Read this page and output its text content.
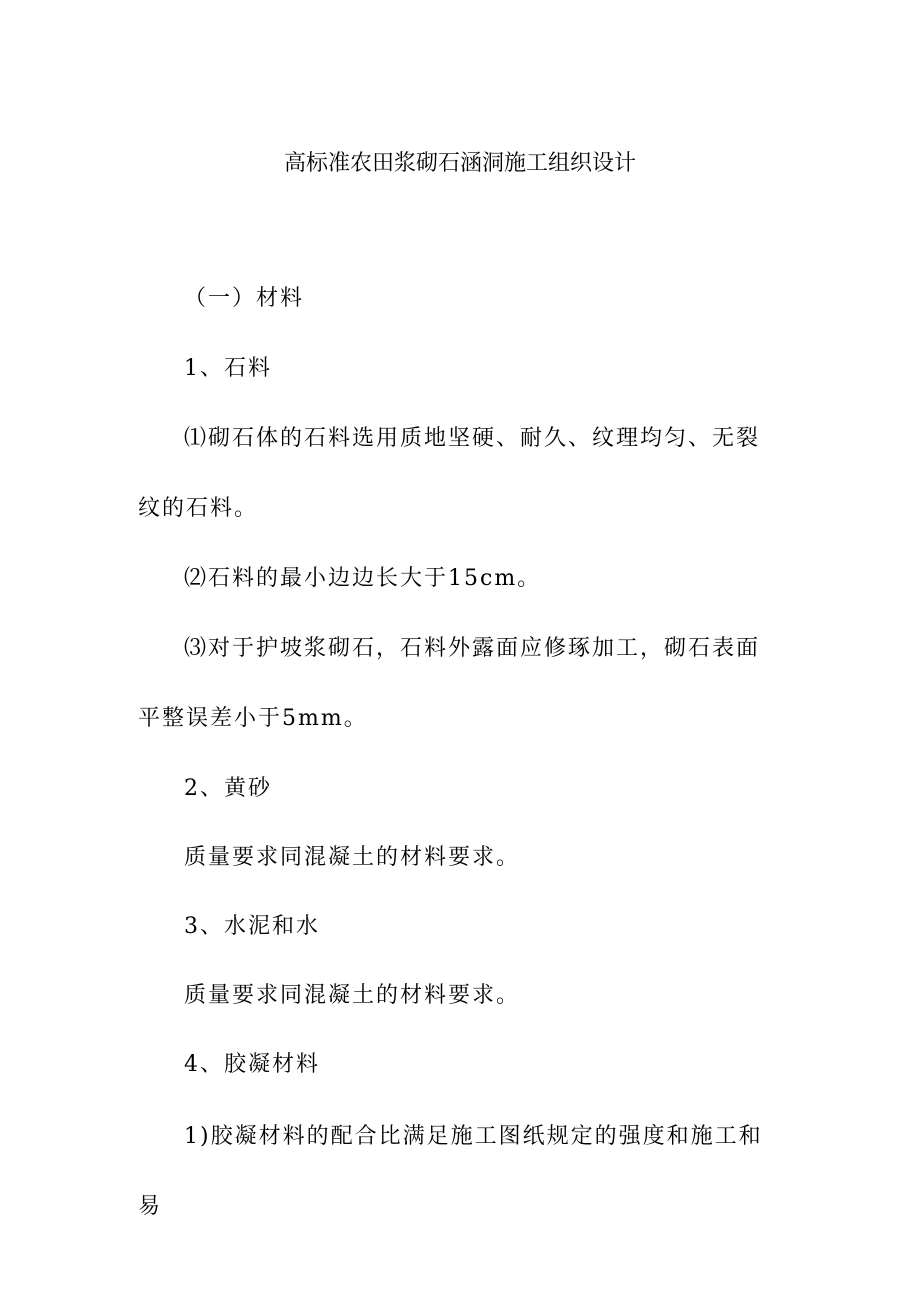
高标准农田浆砌石涵洞施工组织设计
（一）材料
1、石料
⑴砌石体的石料选用质地坚硬、耐久、纹理均匀、无裂纹的石料。
⑵石料的最小边边长大于15cm。
⑶对于护坡浆砌石，石料外露面应修琢加工，砌石表面平整误差小于5mm。
2、黄砂
质量要求同混凝土的材料要求。
3、水泥和水
质量要求同混凝土的材料要求。
4、胶凝材料
1)胶凝材料的配合比满足施工图纸规定的强度和施工和易
